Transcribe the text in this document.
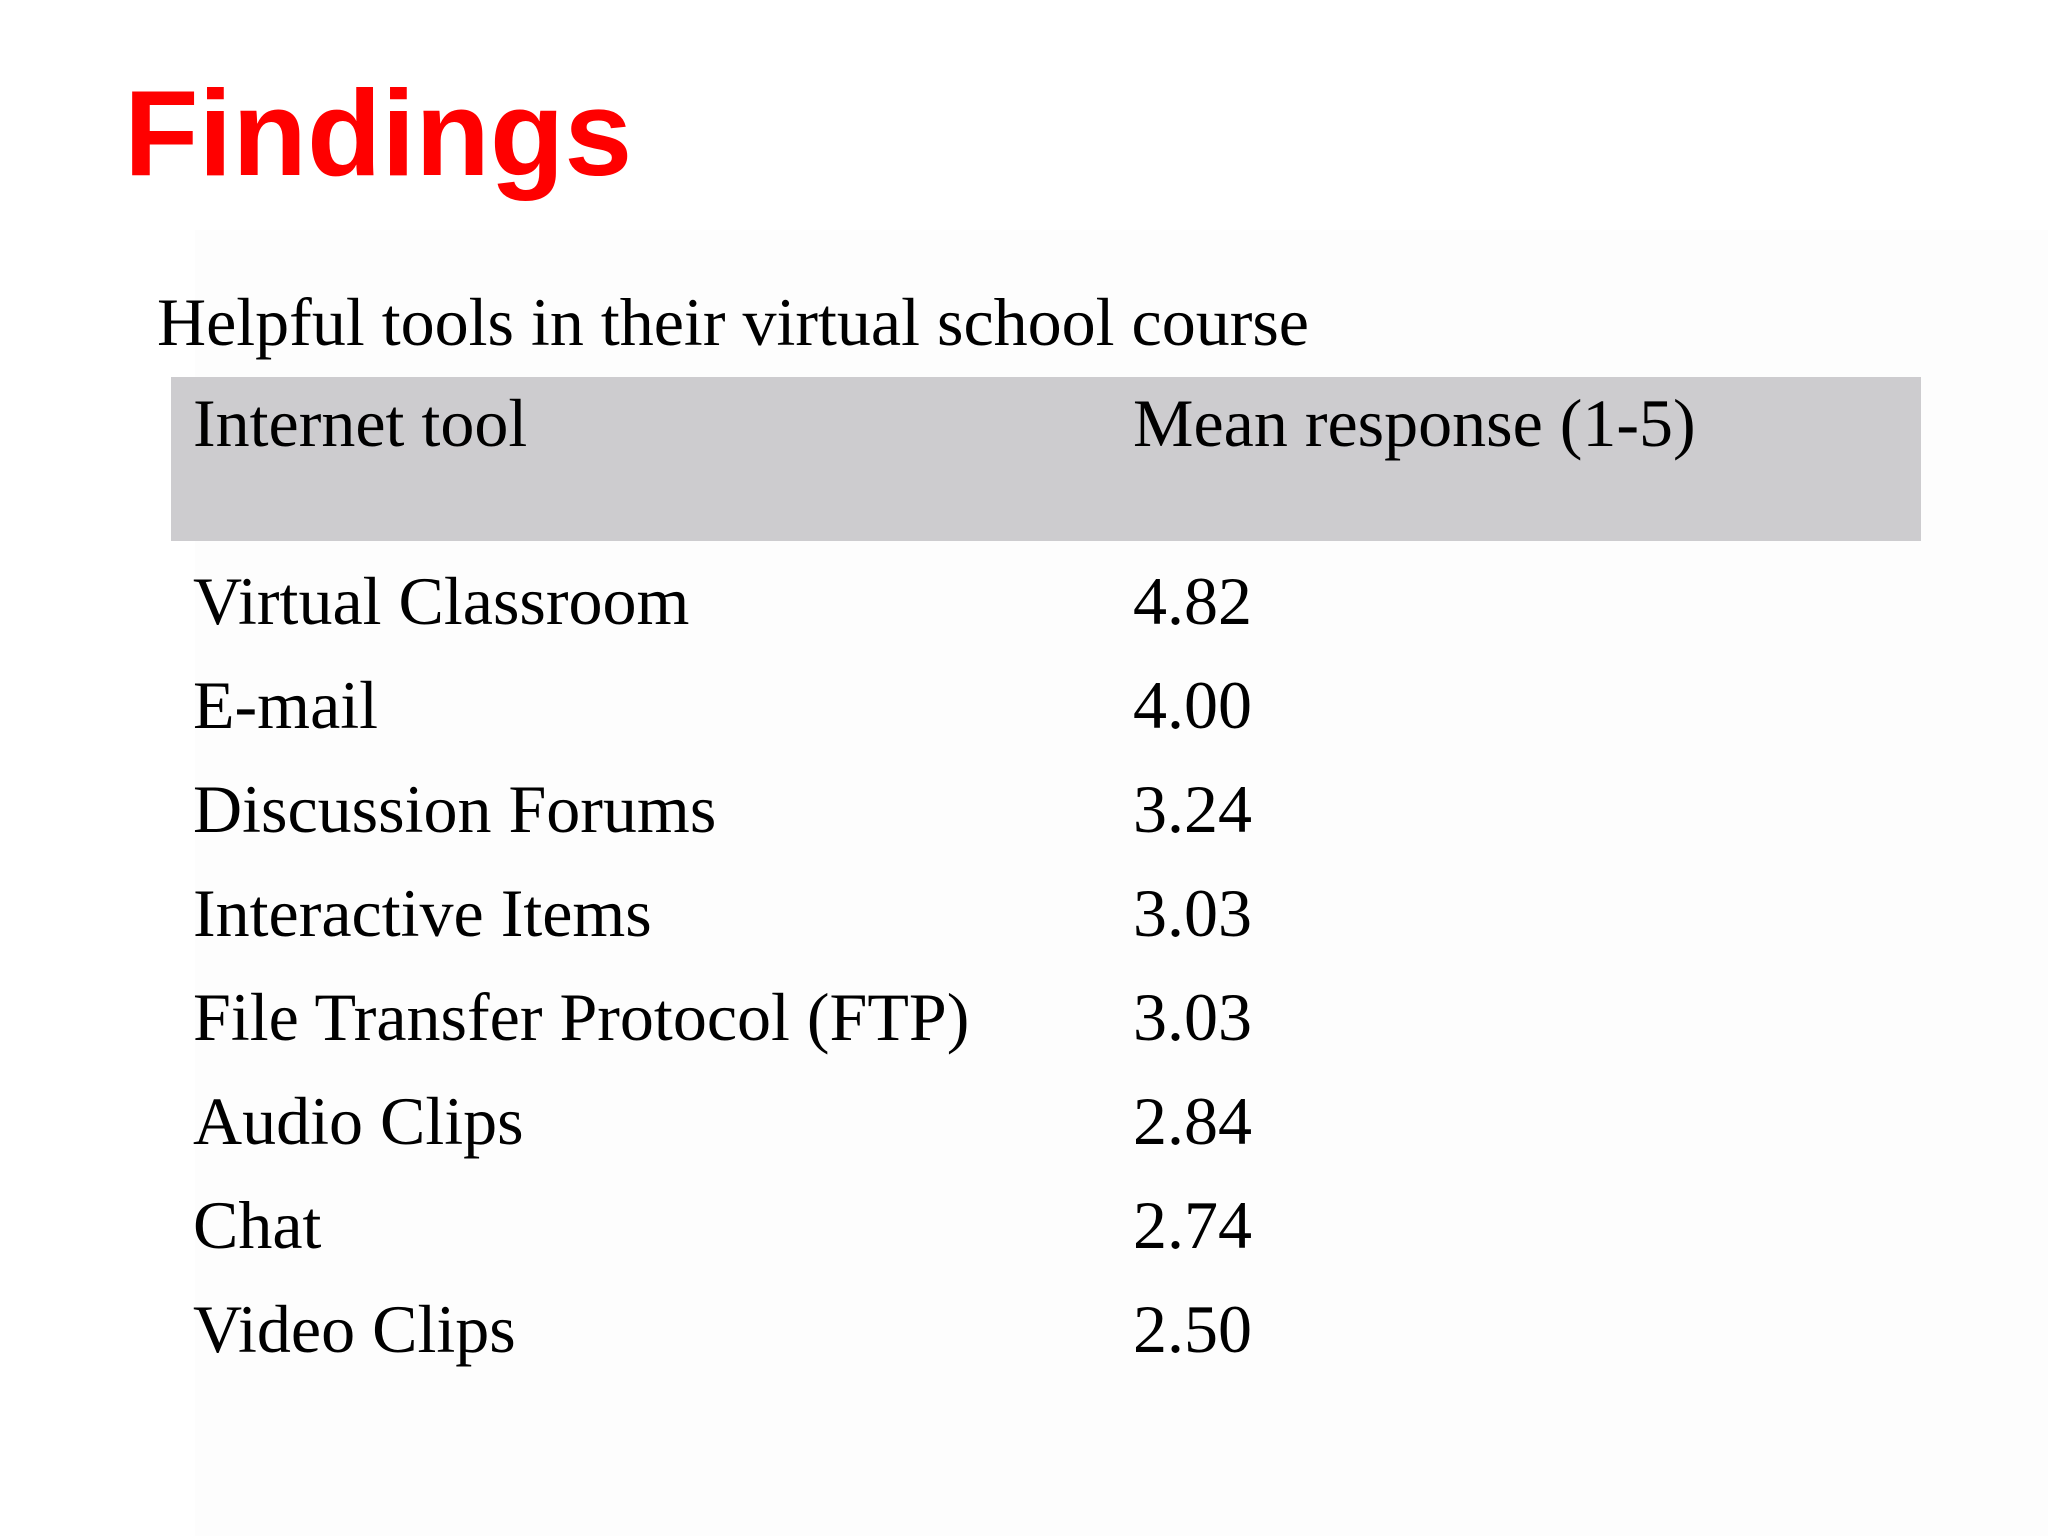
Findings

Helpful tools in their virtual school course

Internet tool	Mean response (1-5)
Virtual Classroom	4.82
E-mail	4.00
Discussion Forums	3.24
Interactive Items	3.03
File Transfer Protocol (FTP) 3.03
Audio Clips	2.84
Chat	2.74
Video Clips	2.50
